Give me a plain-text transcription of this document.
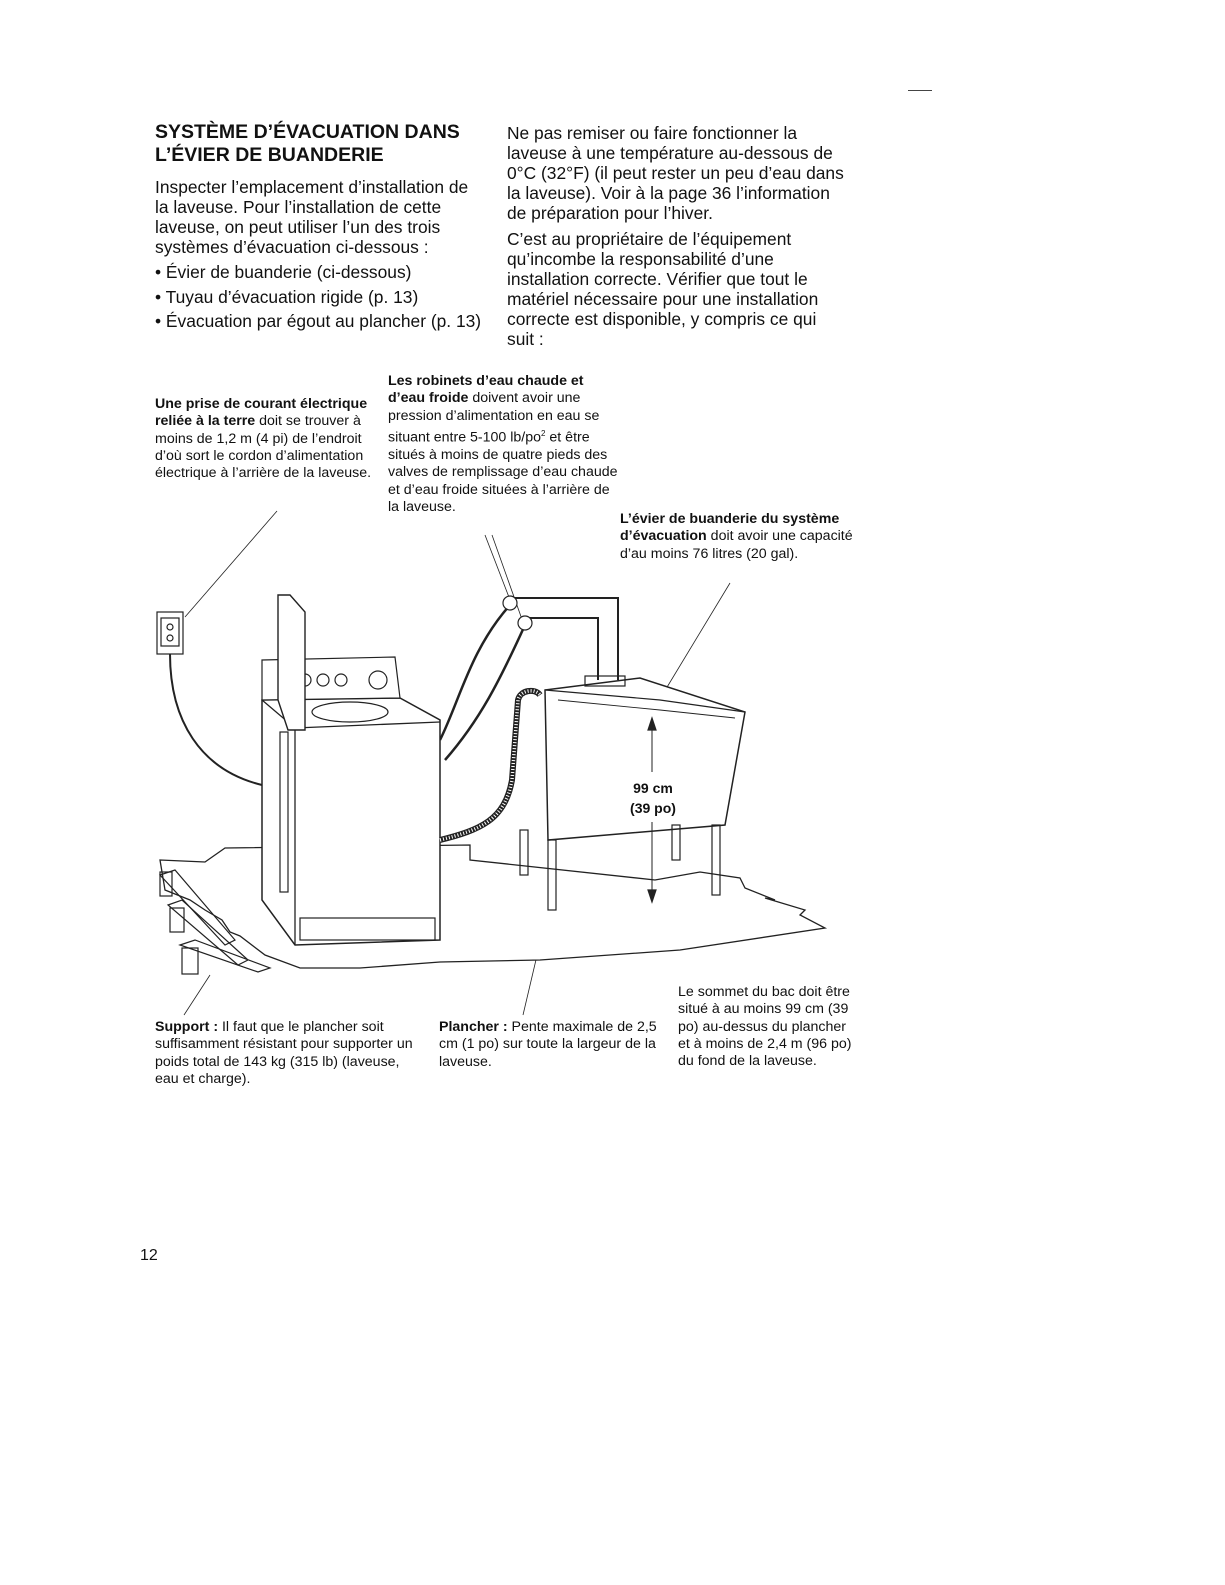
SYSTÈME D’ÉVACUATION DANS
L’ÉVIER DE BUANDERIE

Inspecter l’emplacement d’installation de la laveuse. Pour l’installation de cette laveuse, on peut utiliser l’un des trois systèmes d’évacuation ci-dessous :

• Évier de buanderie (ci-dessous)
• Tuyau d’évacuation rigide (p. 13)
• Évacuation par égout au plancher (p. 13)

Ne pas remiser ou faire fonctionner la laveuse à une température au-dessous de 0°C (32°F) (il peut rester un peu d’eau dans la laveuse). Voir à la page 36 l’information de préparation pour l’hiver.

C’est au propriétaire de l’équipement qu’incombe la responsabilité d’une installation correcte. Vérifier que tout le matériel nécessaire pour une installation correcte est disponible, y compris ce qui suit :

99 cm
(39 po)

Une prise de courant électrique reliée à la terre doit se trouver à moins de 1,2 m (4 pi) de l’endroit d’où sort le cordon d’alimentation électrique à l’arrière de la laveuse.

Les robinets d’eau chaude et d’eau froide doivent avoir une pression d’alimentation en eau se situant entre 5-100 $lb/po^2$ et être situés à moins de quatre pieds des valves de remplissage d’eau chaude et d’eau froide situées à l’arrière de la laveuse.

L’évier de buanderie du système d’évacuation doit avoir une capacité d’au moins 76 litres (20 gal).

Support : Il faut que le plancher soit suffisamment résistant pour supporter un poids total de 143 kg (315 lb) (laveuse, eau et charge).

Plancher : Pente maximale de 2,5 cm (1 po) sur toute la largeur de la laveuse.

Le sommet du bac doit être situé à au moins 99 cm (39 po) au-dessus du plancher et à moins de 2,4 m (96 po) du fond de la laveuse.

12
